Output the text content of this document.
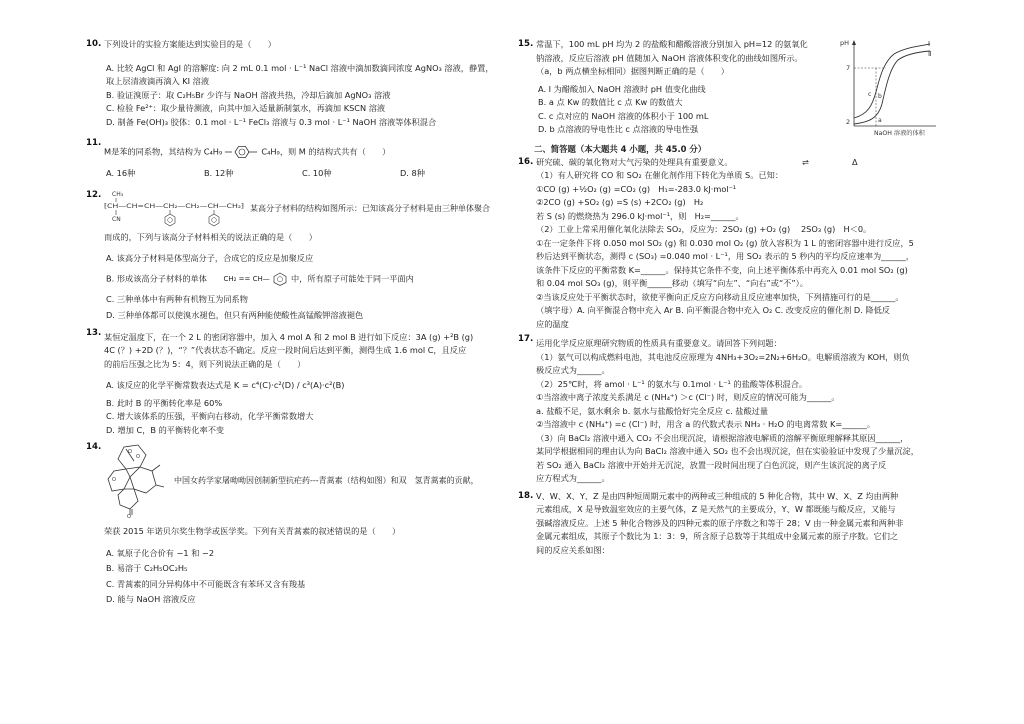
10. 下列设计的实验方案能达到实验目的是（　　）
A. 比较 AgCl 和 AgI 的溶解度: 向 2 mL 0.1 mol · L⁻¹ NaCl 溶液中滴加数滴同浓度 AgNO₃ 溶液，静置，
取上层清液滴再滴入 KI 溶液
B. 验证溴原子：取 C₂H₅Br 少许与 NaOH 溶液共热，冷却后滴加 AgNO₃ 溶液
C. 检验 Fe²⁺：取少量待测液，向其中加入适量新制氯水，再滴加 KSCN 溶液
D. 制备 Fe(OH)₃ 胶体：0.1 mol · L⁻¹ FeCl₃ 溶液与 0.3 mol · L⁻¹ NaOH 溶液等体积混合
11.
M是苯的同系物，其结构为 C₄H₉	C₄H₉，则 M 的结构式共有（　　）
A. 16种	B. 12种	C. 10种	D. 8种
12. CH₃
⁅CH—CH=CH—CH₂—CH₂—CH—CH₂⁆
CN
某高分子材料的结构如图所示：已知该高分子材料是由三种单体聚合
而成的，下列与该高分子材料相关的说法正确的是（　　）
A. 该高分子材料是体型高分子，合成它的反应是加聚反应
B. 形成该高分子材料的单体 CH₂ == CH—	中，所有原子可能处于同一平面内
C. 三种单体中有两种有机物互为同系物
D. 三种单体都可以使溴水褪色，但只有两种能使酸性高锰酸钾溶液褪色
13. 某恒定温度下，在一个 2 L 的密闭容器中，加入 4 mol A 和 2 mol B 进行如下反应：3A (g) +²B (g)
4C (？) +2D (？)，“？”代表状态不确定。反应一段时间后达到平衡，测得生成 1.6 mol C，且反应
的前后压强之比为 5：4，则下列说法正确的是（　　）
A. 该反应的化学平衡常数表达式是 K = c⁴(C)·c²(D) / c³(A)·c²(B)
B. 此时 B 的平衡转化率是 60%
C. 增大该体系的压强，平衡向右移动，化学平衡常数增大
D. 增加 C，B 的平衡转化率不变
14.	O
O
O
O
中国女药学家屠呦呦因创制新型抗疟药---青蒿素（结构如图）和双　氢青蒿素的贡献，
荣获 2015 年诺贝尔奖生物学或医学奖。下列有关青蒿素的叙述错误的是（　　）
A. 氧原子化合价有 −1 和 −2
B. 易溶于 C₂H₅OC₂H₅
C. 青蒿素的同分异构体中不可能既含有苯环又含有羧基
D. 能与 NaOH 溶液反应
15. 常温下，100 mL pH 均为 2 的盐酸和醋酸溶液分别加入 pH=12 的氨氧化
钠溶液，反应后溶液 pH 值随加入 NaOH 溶液体积变化的曲线如图所示。
（a，b 两点横坐标相同）据图判断正确的是（　　）
A. Ⅰ 为醋酸加入 NaOH 溶液时 pH 值变化曲线
B. a 点 Kw 的数值比 c 点 Kw 的数值大
C. c 点对应的 NaOH 溶液的体积小于 100 mL
D. b 点溶液的导电性比 c 点溶液的导电性强
pH
7
2
c b
a
Ⅰ
Ⅱ
NaOH 溶液的体积
二、简答题（本大题共 4 小题，共 45.0 分）
16. 研究硫、碳的氧化物对大气污染的处理具有重要意义。	⇌	Δ
（1）有人研究将 CO 和 SO₂ 在催化剂作用下转化为单质 S。已知：
①CO (g) +½O₂ (g) =CO₂ (g)　H₁=-283.0 kJ·mol⁻¹
②2CO (g) +SO₂ (g) =S (s) +2CO₂ (g)　H₂
若 S (s) 的燃烧热为 296.0 kJ·mol⁻¹，则　H₂=______。
（2）工业上常采用催化氧化法除去 SO₂，反应为：2SO₂ (g) +O₂ (g)　 2SO₃ (g)　H＜0。
①在一定条件下将 0.050 mol SO₂ (g) 和 0.030 mol O₂ (g) 放入容积为 1 L 的密闭容器中进行反应，5
秒后达到平衡状态，测得 c (SO₃) =0.040 mol · L⁻¹，用 SO₂ 表示的 5 秒内的平均反应速率为______，
该条件下反应的平衡常数 K=______。保持其它条件不变，向上述平衡体系中再充入 0.01 mol SO₂ (g)
和 0.04 mol SO₃ (g)，则平衡______移动（填写“向左”、“向右”或“不”）。
②当该反应处于平衡状态时，欲使平衡向正反应方向移动且反应速率加快，下列措施可行的是______。
（填字母）A. 向平衡混合物中充入 Ar B. 向平衡混合物中充入 O₂ C. 改变反应的催化剂 D. 降低反
应的温度
17. 运用化学反应原理研究物质的性质具有重要意义。请回答下列问题：
（1）氨气可以构成燃料电池，其电池反应原理为 4NH₃+3O₂=2N₂+6H₂O。电解质溶液为 KOH，则负
极反应式为______。
（2）25℃时，将 amol · L⁻¹ 的氨水与 0.1mol · L⁻¹ 的盐酸等体积混合。
①当溶液中离子浓度关系满足 c (NH₄⁺) ＞c (Cl⁻) 时，则反应的情况可能为______。
a. 盐酸不足，氨水剩余 b. 氨水与盐酸恰好完全反应 c. 盐酸过量
②当溶液中 c (NH₄⁺) =c (Cl⁻) 时，用含 a 的代数式表示 NH₃ · H₂O 的电离常数 K=______。
（3）向 BaCl₂ 溶液中通入 CO₂ 不会出现沉淀，请根据溶液电解质的溶解平衡原理解释其原因______，
某同学根据相同的理由认为向 BaCl₂ 溶液中通入 SO₂ 也不会出现沉淀，但在实验验证中发现了少量沉淀，
若 SO₂ 通入 BaCl₂ 溶液中开始并无沉淀，放置一段时间出现了白色沉淀，则产生该沉淀的离子反
应方程式为______。
18. V、W、X、Y、Z 是由四种短周期元素中的两种或三种组成的 5 种化合物，其中 W、X、Z 均由两种
元素组成，X 是导致温室效应的主要气体，Z 是天然气的主要成分，Y、W 都既能与酸反应，又能与
强碱溶液反应。上述 5 种化合物涉及的四种元素的原子序数之和等于 28；V 由一种金属元素和两种非
金属元素组成，其原子个数比为 1：3：9，所含原子总数等于其组成中金属元素的原子序数。它们之
间的反应关系如图：
